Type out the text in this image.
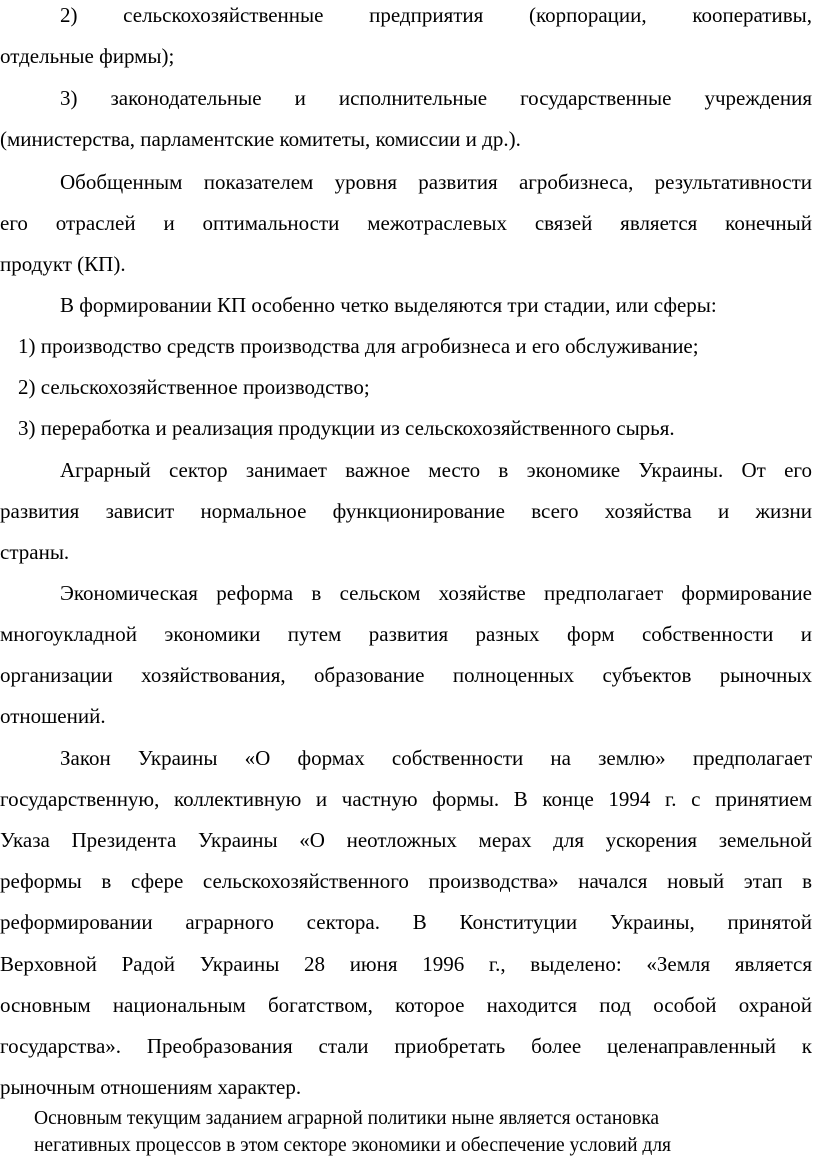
2) сельскохозяйственные предприятия (корпорации, кооперативы,
отдельные фирмы);
3) законодательные и исполнительные государственные учреждения
(министерства, парламентские комитеты, комиссии и др.).
Обобщенным показателем уровня развития агробизнеса, результативности
его отраслей и оптимальности межотраслевых связей является конечный
продукт (КП).
В формировании КП особенно четко выделяются три стадии, или сферы:
1) производство средств производства для агробизнеса и его обслуживание;
2) сельскохозяйственное производство;
3) переработка и реализация продукции из сельскохозяйственного сырья.
Аграрный сектор занимает важное место в экономике Украины. От его
развития зависит нормальное функционирование всего хозяйства и жизни
страны.
Экономическая реформа в сельском хозяйстве предполагает формирование
многоукладной экономики путем развития разных форм собственности и
организации хозяйствования, образование полноценных субъектов рыночных
отношений.
Закон Украины «О формах собственности на землю» предполагает
государственную, коллективную и частную формы. В конце 1994 г. с принятием
Указа Президента Украины «О неотложных мерах для ускорения земельной
реформы в сфере сельскохозяйственного производства» начался новый этап в
реформировании аграрного сектора. В Конституции Украины, принятой
Верховной Радой Украины 28 июня 1996 г., выделено: «Земля является
основным национальным богатством, которое находится под особой охраной
государства». Преобразования стали приобретать более целенаправленный к
рыночным отношениям характер.
Основным текущим заданием аграрной политики ныне является остановка
негативных процессов в этом секторе экономики и обеспечение условий для
